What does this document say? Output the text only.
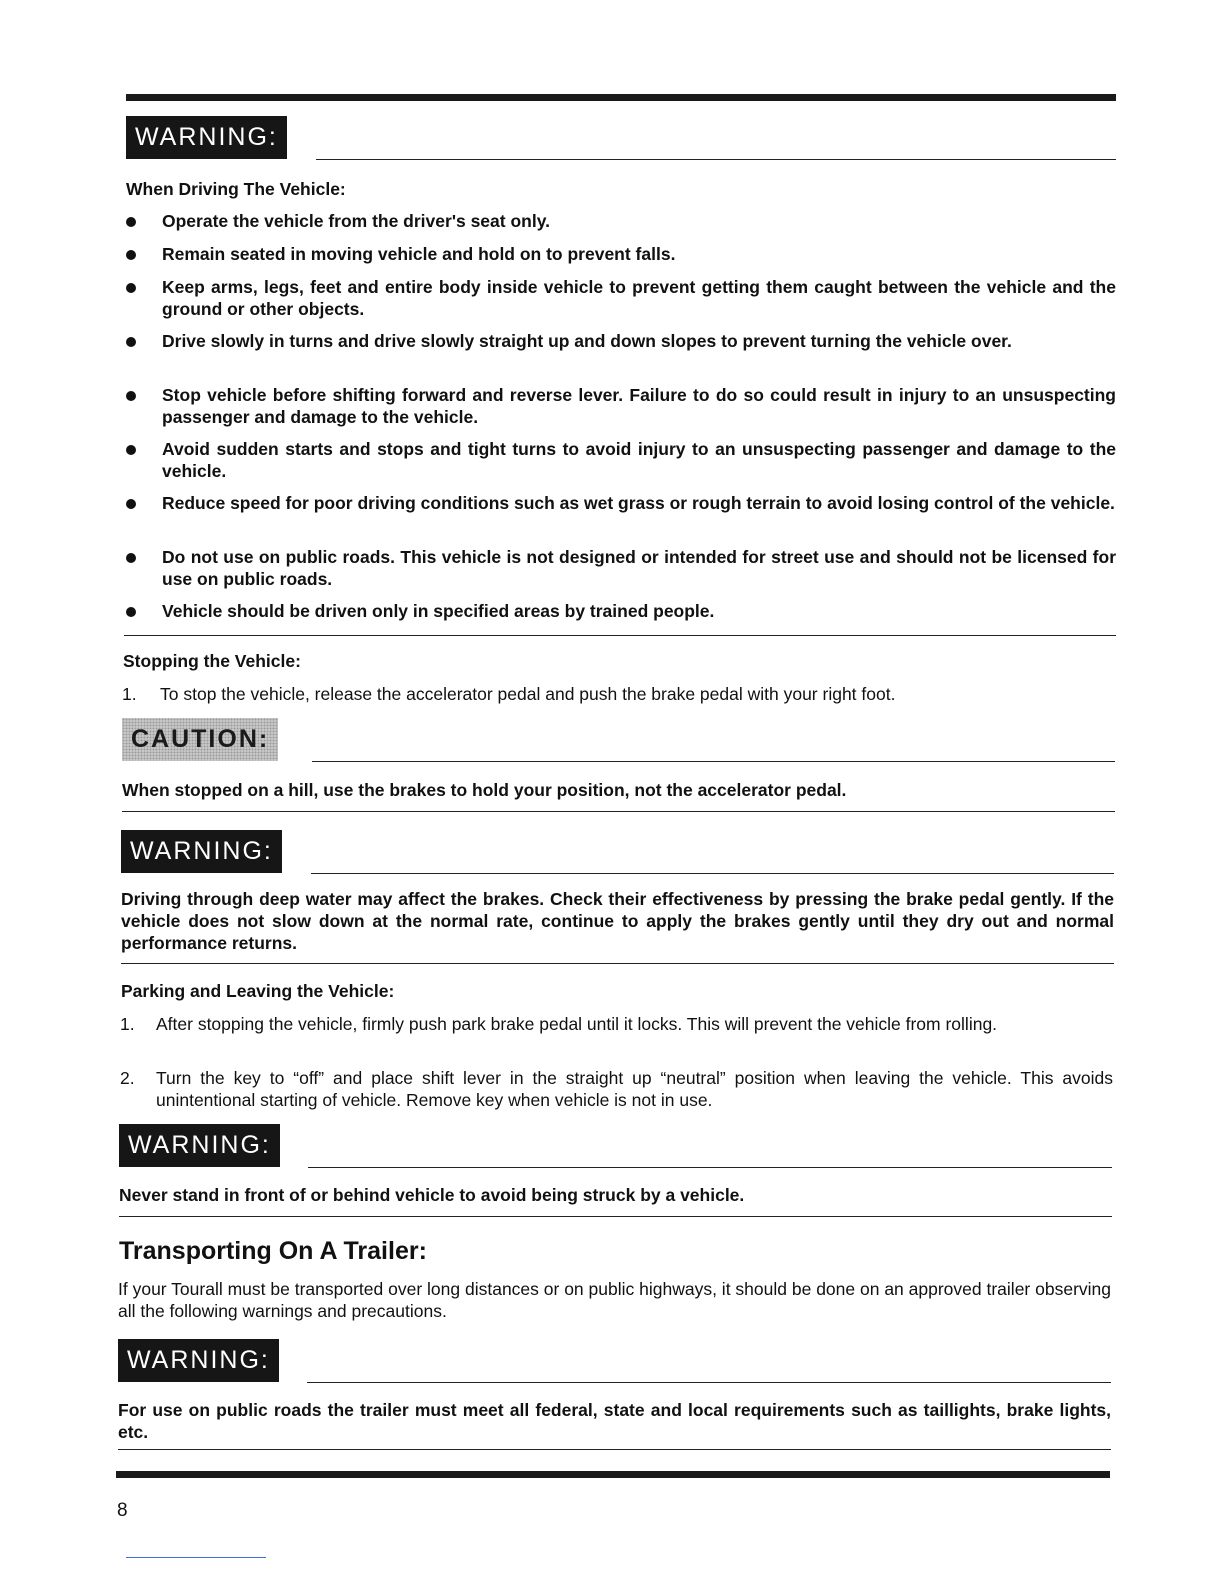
WARNING:
When Driving The Vehicle:
Operate the vehicle from the driver's seat only.
Remain seated in moving vehicle and hold on to prevent falls.
Keep arms, legs, feet and entire body inside vehicle to prevent getting them caught between the vehicle and the ground or other objects.
Drive slowly in turns and drive slowly straight up and down slopes to prevent turning the vehicle over.
Stop vehicle before shifting forward and reverse lever. Failure to do so could result in injury to an unsuspecting passenger and damage to the vehicle.
Avoid sudden starts and stops and tight turns to avoid injury to an unsuspecting passenger and damage to the vehicle.
Reduce speed for poor driving conditions such as wet grass or rough terrain to avoid losing control of the vehicle.
Do not use on public roads. This vehicle is not designed or intended for street use and should not be licensed for use on public roads.
Vehicle should be driven only in specified areas by trained people.
Stopping the Vehicle:
1.	To stop the vehicle, release the accelerator pedal and push the brake pedal with your right foot.
CAUTION:
When stopped on a hill, use the brakes to hold your position, not the accelerator pedal.
WARNING:
Driving through deep water may affect the brakes. Check their effectiveness by pressing the brake pedal gently. If the vehicle does not slow down at the normal rate, continue to apply the brakes gently until they dry out and normal performance returns.
Parking and Leaving the Vehicle:
1.	After stopping the vehicle, firmly push park brake pedal until it locks. This will prevent the vehicle from rolling.
2.	Turn the key to “off” and place shift lever in the straight up “neutral” position when leaving the vehicle. This avoids unintentional starting of vehicle. Remove key when vehicle is not in use.
WARNING:
Never stand in front of or behind vehicle to avoid being struck by a vehicle.
Transporting On A Trailer:
If your Tourall must be transported over long distances or on public highways, it should be done on an approved trailer observing all the following warnings and precautions.
WARNING:
For use on public roads the trailer must meet all federal, state and local requirements such as taillights, brake lights, etc.
8
